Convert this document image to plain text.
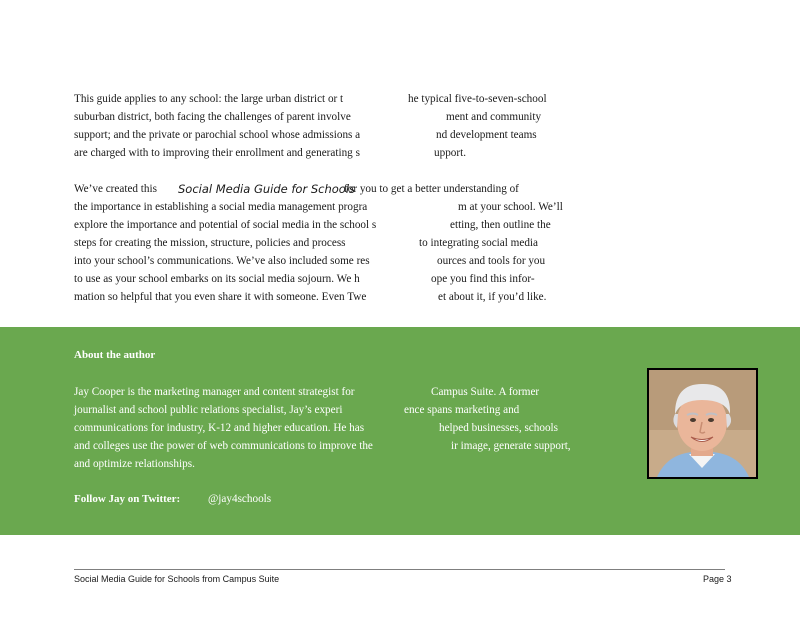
This guide applies to any school: the large urban district or t	he typical five-to-seven-school
suburban district, both facing the challenges of parent involve	ment and community
support; and the private or parochial school whose admissions a	nd development teams
are charged with to improving their enrollment and generating s	upport.
We’ve created this Social Media Guide for Schools
for you to get a better understanding of
the importance in establishing a social media management progra	m at your school. We’ll
explore the importance and potential of social media in the school s	etting, then outline the
steps for creating the mission, structure, policies and process	to integrating social media
into your school’s communications. We’ve also included some res	ources and tools for you
to use as your school embarks on its social media sojourn. We h	ope you find this infor-
mation so helpful that you even share it with someone. Even Twe	et about it, if you’d like.
About the author
Jay Cooper is the marketing manager and content strategist for	Campus Suite. A former
journalist and school public relations specialist, Jay’s experi	ence spans marketing and
communications for industry, K-12 and higher education. He has	helped businesses, schools
and colleges use the power of web communications to improve the	ir image, generate support,
and optimize relationships.
Follow Jay on Twitter: @jay4schools
Social Media Guide for Schools from Campus Suite	Page 3
